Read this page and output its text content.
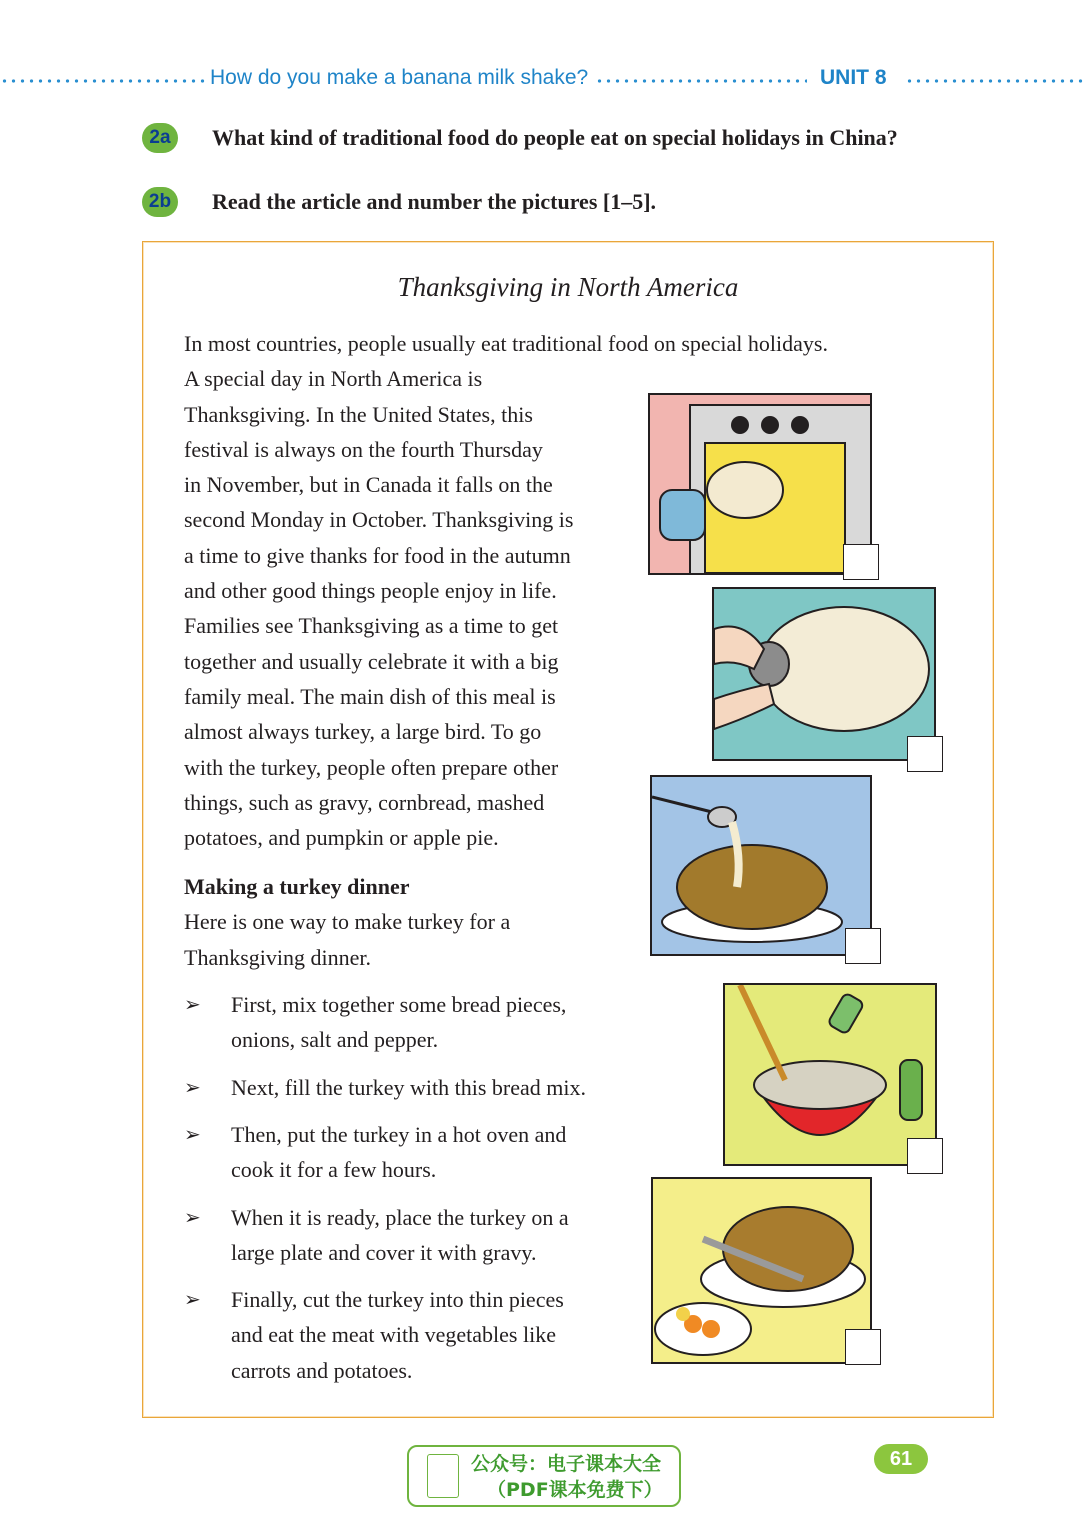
How do you make a banana milk shake?	UNIT 8
2a	What kind of traditional food do people eat on special holidays in China?
2b	Read the article and number the pictures [1–5].
Thanksgiving in North America
In most countries, people usually eat traditional food on special holidays.
A special day in North America is
Thanksgiving. In the United States, this
festival is always on the fourth Thursday
in November, but in Canada it falls on the
second Monday in October. Thanksgiving is
a time to give thanks for food in the autumn
and other good things people enjoy in life.
Families see Thanksgiving as a time to get
together and usually celebrate it with a big
family meal. The main dish of this meal is
almost always turkey, a large bird. To go
with the turkey, people often prepare other
things, such as gravy, cornbread, mashed
potatoes, and pumpkin or apple pie.
Making a turkey dinner
Here is one way to make turkey for a
Thanksgiving dinner.
➢ First, mix together some bread pieces,
onions, salt and pepper.
➢ Next, fill the turkey with this bread mix.
➢ Then, put the turkey in a hot oven and
cook it for a few hours.
➢ When it is ready, place the turkey on a
large plate and cover it with gravy.
➢ Finally, cut the turkey into thin pieces
and eat the meat with vegetables like
carrots and potatoes.
公众号：电子课本大全
（PDF课本免费下）
61
